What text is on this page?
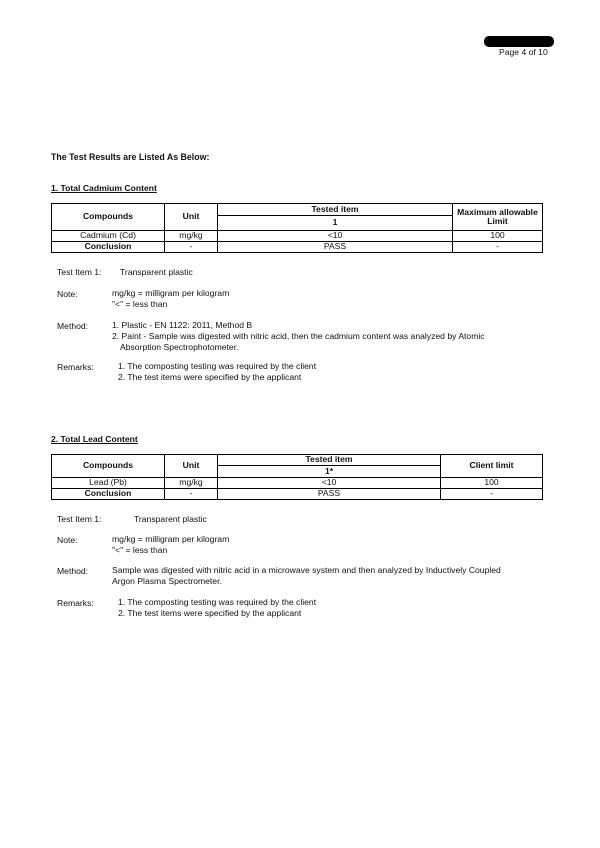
Page 4 of 10
The Test Results are Listed As Below:
1. Total Cadmium Content
Compounds	Unit	Tested item	Maximum allowable Limit
		1	
Cadmium (Cd)	mg/kg	<10	100
Conclusion	-	PASS	-
Test Item 1: Transparent plastic
Note:	mg/kg = milligram per kilogram
"<" = less than
Method:	1. Plastic - EN 1122: 2011, Method B
2. Paint - Sample was digested with nitric acid, then the cadmium content was analyzed by Atomic
Absorption Spectrophotometer.
Remarks:	1. The composting testing was required by the client
2. The test items were specified by the applicant
2. Total Lead Content
Compounds	Unit	Tested item	Client limit
		1*	
Lead (Pb)	mg/kg	<10	100
Conclusion	-	PASS	-
Test Item 1:	Transparent plastic
Note:	mg/kg = milligram per kilogram
"<" = less than
Method:	Sample was digested with nitric acid in a microwave system and then analyzed by Inductively Coupled
Argon Plasma Spectrometer.
Remarks:	1. The composting testing was required by the client
2. The test items were specified by the applicant
